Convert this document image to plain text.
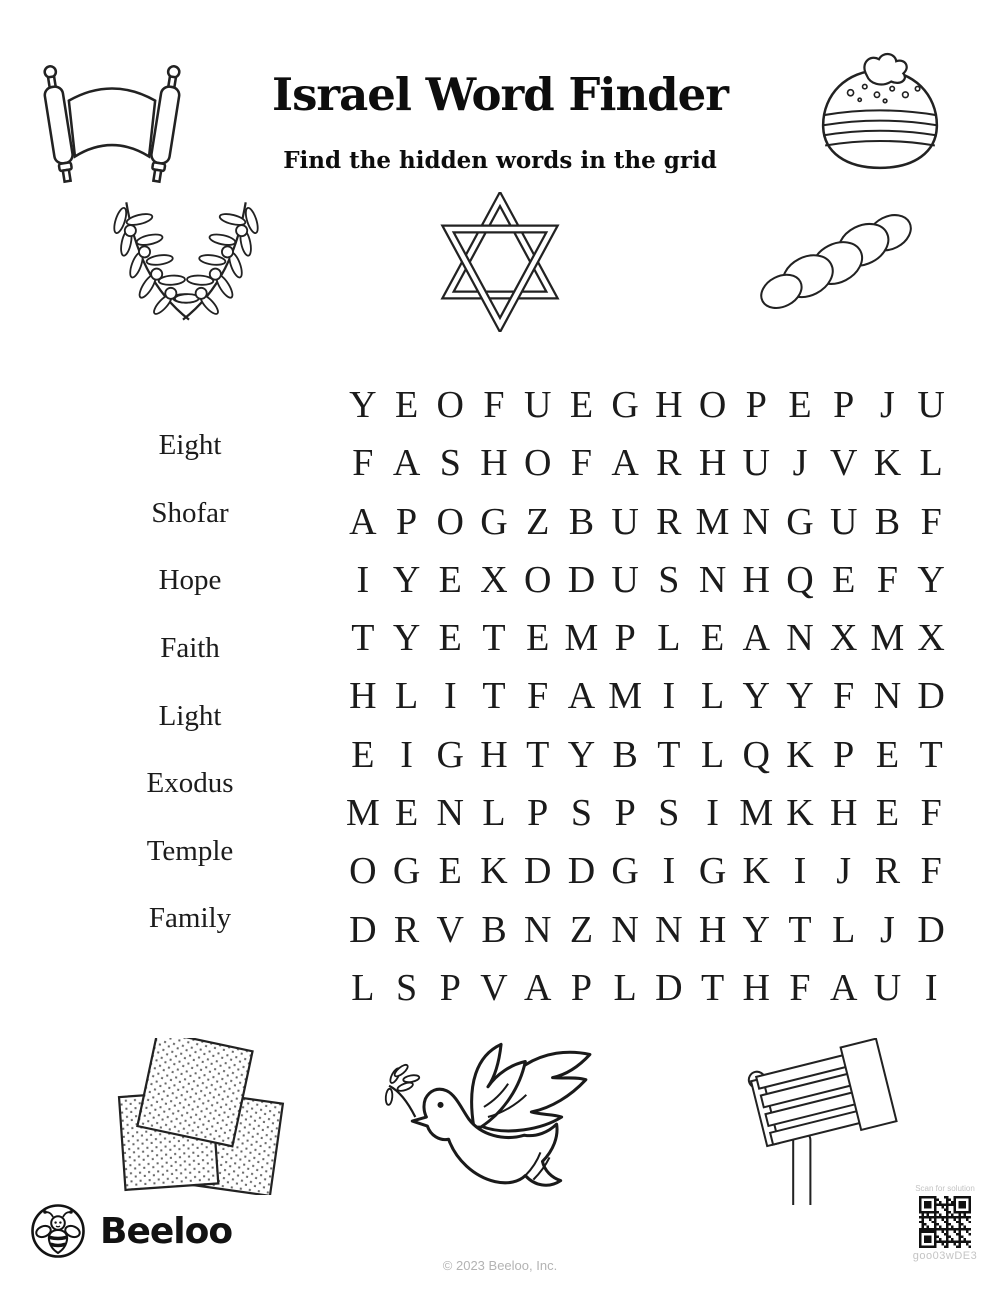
Israel Word Finder
Find the hidden words in the grid
Eight
Shofar
Hope
Faith
Light
Exodus
Temple
Family
Y E O F U E G H O P E P J U
F A S H O F A R H U J V K L
A P O G Z B U R M N G U B F
I Y E X O D U S N H Q E F Y
T Y E T E M P L E A N X M X
H L I T F A M I L Y Y F N D
E I G H T Y B T L Q K P E T
M E N L P S P S I M K H E F
O G E K D D G I G K I J R F
D R V B N Z N N H Y T L J D
L S P V A P L D T H F A U I
Beeloo
© 2023 Beeloo, Inc.
Scan for solution
goo03wDE3
